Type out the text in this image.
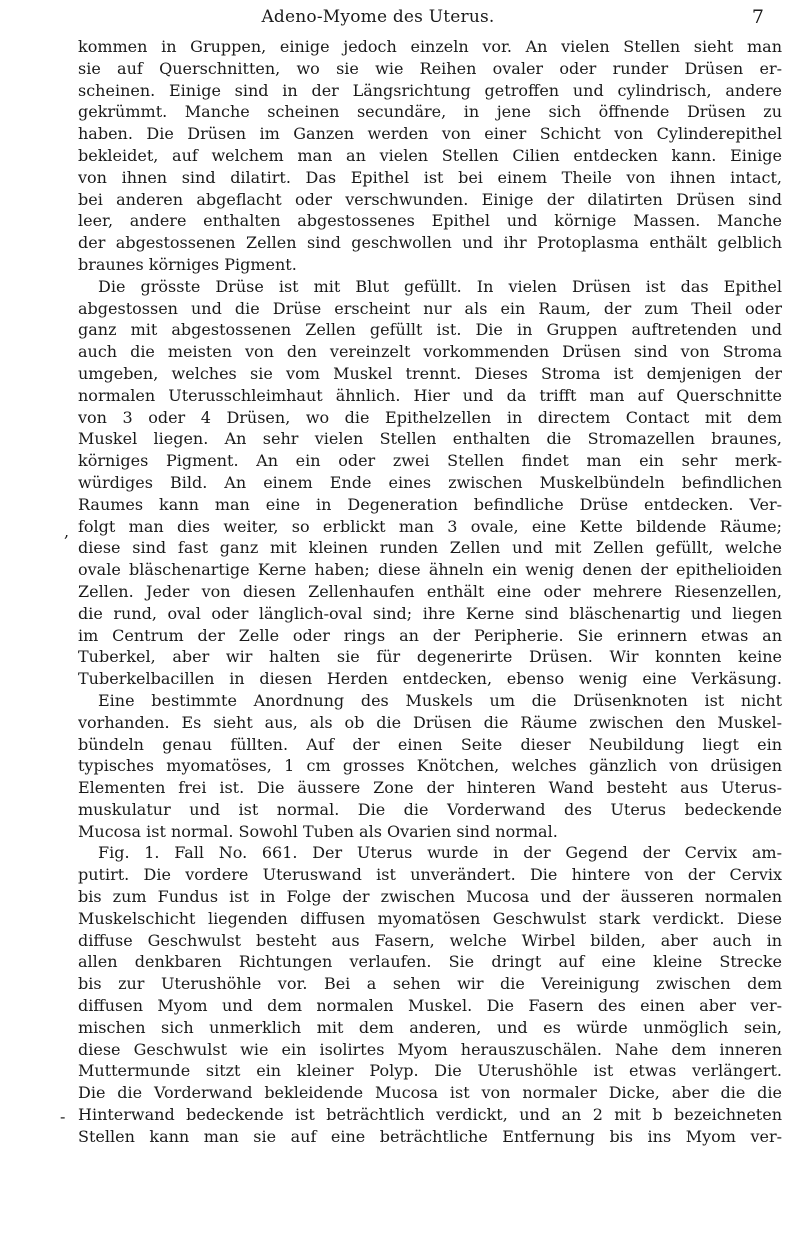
Adeno-Myome des Uterus.	7
,
-
kommen in Gruppen, einige jedoch einzeln vor. An vielen Stellen sieht man
sie auf Querschnitten, wo sie wie Reihen ovaler oder runder Drüsen er-
scheinen. Einige sind in der Längsrichtung getroffen und cylindrisch, andere
gekrümmt. Manche scheinen secundäre, in jene sich öffnende Drüsen zu
haben. Die Drüsen im Ganzen werden von einer Schicht von Cylinderepithel
bekleidet, auf welchem man an vielen Stellen Cilien entdecken kann. Einige
von ihnen sind dilatirt. Das Epithel ist bei einem Theile von ihnen intact,
bei anderen abgeflacht oder verschwunden. Einige der dilatirten Drüsen sind
leer, andere enthalten abgestossenes Epithel und körnige Massen. Manche
der abgestossenen Zellen sind geschwollen und ihr Protoplasma enthält gelblich
braunes körniges Pigment.
Die grösste Drüse ist mit Blut gefüllt. In vielen Drüsen ist das Epithel
abgestossen und die Drüse erscheint nur als ein Raum, der zum Theil oder
ganz mit abgestossenen Zellen gefüllt ist. Die in Gruppen auftretenden und
auch die meisten von den vereinzelt vorkommenden Drüsen sind von Stroma
umgeben, welches sie vom Muskel trennt. Dieses Stroma ist demjenigen der
normalen Uterusschleimhaut ähnlich. Hier und da trifft man auf Querschnitte
von 3 oder 4 Drüsen, wo die Epithelzellen in directem Contact mit dem
Muskel liegen. An sehr vielen Stellen enthalten die Stromazellen braunes,
körniges Pigment. An ein oder zwei Stellen findet man ein sehr merk-
würdiges Bild. An einem Ende eines zwischen Muskelbündeln befindlichen
Raumes kann man eine in Degeneration befindliche Drüse entdecken. Ver-
folgt man dies weiter, so erblickt man 3 ovale, eine Kette bildende Räume;
diese sind fast ganz mit kleinen runden Zellen und mit Zellen gefüllt, welche
ovale bläschenartige Kerne haben; diese ähneln ein wenig denen der epithelioiden
Zellen. Jeder von diesen Zellenhaufen enthält eine oder mehrere Riesenzellen,
die rund, oval oder länglich-oval sind; ihre Kerne sind bläschenartig und liegen
im Centrum der Zelle oder rings an der Peripherie. Sie erinnern etwas an
Tuberkel, aber wir halten sie für degenerirte Drüsen. Wir konnten keine
Tuberkelbacillen in diesen Herden entdecken, ebenso wenig eine Verkäsung.
Eine bestimmte Anordnung des Muskels um die Drüsenknoten ist nicht
vorhanden. Es sieht aus, als ob die Drüsen die Räume zwischen den Muskel-
bündeln genau füllten. Auf der einen Seite dieser Neubildung liegt ein
typisches myomatöses, 1 cm grosses Knötchen, welches gänzlich von drüsigen
Elementen frei ist. Die äussere Zone der hinteren Wand besteht aus Uterus-
muskulatur und ist normal. Die die Vorderwand des Uterus bedeckende
Mucosa ist normal. Sowohl Tuben als Ovarien sind normal.
Fig. 1. Fall No. 661. Der Uterus wurde in der Gegend der Cervix am-
putirt. Die vordere Uteruswand ist unverändert. Die hintere von der Cervix
bis zum Fundus ist in Folge der zwischen Mucosa und der äusseren normalen
Muskelschicht liegenden diffusen myomatösen Geschwulst stark verdickt. Diese
diffuse Geschwulst besteht aus Fasern, welche Wirbel bilden, aber auch in
allen denkbaren Richtungen verlaufen. Sie dringt auf eine kleine Strecke
bis zur Uterushöhle vor. Bei a sehen wir die Vereinigung zwischen dem
diffusen Myom und dem normalen Muskel. Die Fasern des einen aber ver-
mischen sich unmerklich mit dem anderen, und es würde unmöglich sein,
diese Geschwulst wie ein isolirtes Myom herauszuschälen. Nahe dem inneren
Muttermunde sitzt ein kleiner Polyp. Die Uterushöhle ist etwas verlängert.
Die die Vorderwand bekleidende Mucosa ist von normaler Dicke, aber die die
Hinterwand bedeckende ist beträchtlich verdickt, und an 2 mit b bezeichneten
Stellen kann man sie auf eine beträchtliche Entfernung bis ins Myom ver-
